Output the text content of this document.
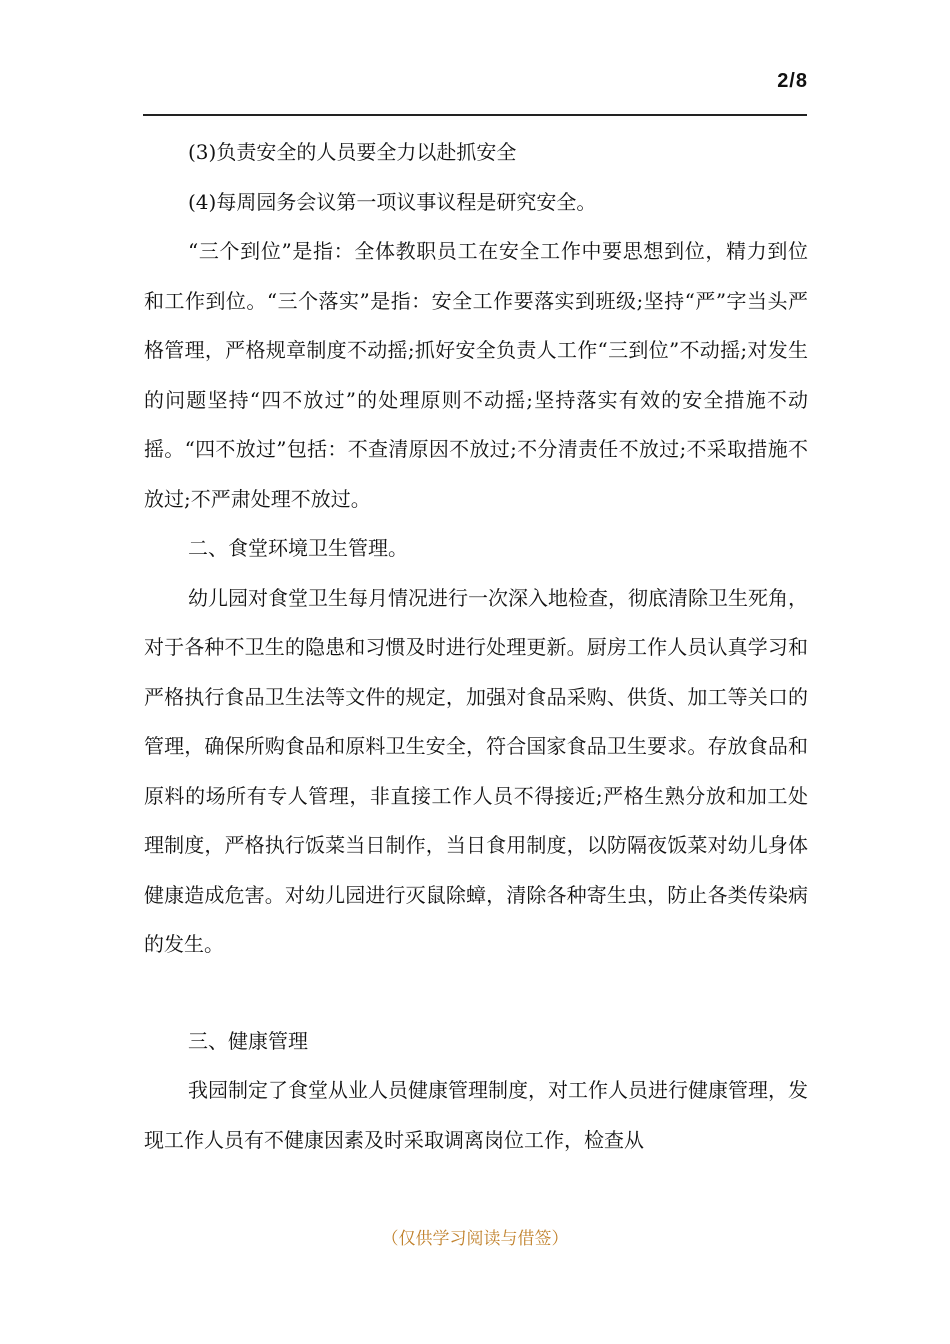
2/8

(3)负责安全的人员要全力以赴抓安全

(4)每周园务会议第一项议事议程是研究安全。

“三个到位”是指：全体教职员工在安全工作中要思想到位，精力到位和工作到位。“三个落实”是指：安全工作要落实到班级;坚持“严”字当头严格管理，严格规章制度不动摇;抓好安全负责人工作“三到位”不动摇;对发生的问题坚持“四不放过”的处理原则不动摇;坚持落实有效的安全措施不动摇。“四不放过”包括：不查清原因不放过;不分清责任不放过;不采取措施不放过;不严肃处理不放过。

二、食堂环境卫生管理。

幼儿园对食堂卫生每月情况进行一次深入地检查，彻底清除卫生死角，对于各种不卫生的隐患和习惯及时进行处理更新。厨房工作人员认真学习和严格执行食品卫生法等文件的规定，加强对食品采购、供货、加工等关口的管理，确保所购食品和原料卫生安全，符合国家食品卫生要求。存放食品和原料的场所有专人管理，非直接工作人员不得接近;严格生熟分放和加工处理制度，严格执行饭菜当日制作，当日食用制度，以防隔夜饭菜对幼儿身体健康造成危害。对幼儿园进行灭鼠除蟑，清除各种寄生虫，防止各类传染病的发生。

三、健康管理

我园制定了食堂从业人员健康管理制度，对工作人员进行健康管理，发现工作人员有不健康因素及时采取调离岗位工作，检查从

（仅供学习阅读与借签）
